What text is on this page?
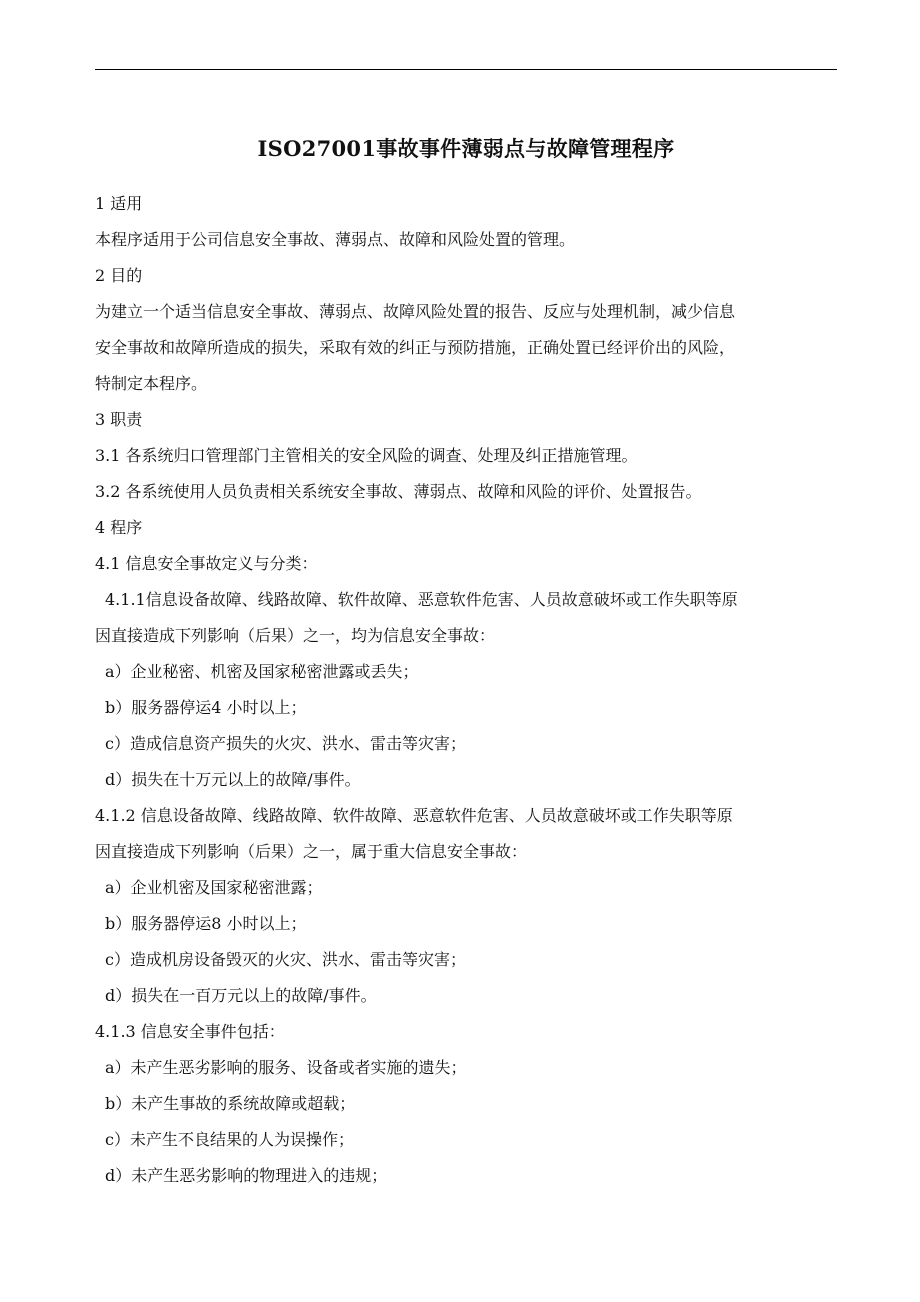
ISO27001事故事件薄弱点与故障管理程序
1 适用
本程序适用于公司信息安全事故、薄弱点、故障和风险处置的管理。
2 目的
为建立一个适当信息安全事故、薄弱点、故障风险处置的报告、反应与处理机制，减少信息
安全事故和故障所造成的损失，采取有效的纠正与预防措施，正确处置已经评价出的风险，
特制定本程序。
3 职责
3.1 各系统归口管理部门主管相关的安全风险的调查、处理及纠正措施管理。
3.2 各系统使用人员负责相关系统安全事故、薄弱点、故障和风险的评价、处置报告。
4 程序
4.1 信息安全事故定义与分类：
4.1.1信息设备故障、线路故障、软件故障、恶意软件危害、人员故意破坏或工作失职等原
因直接造成下列影响（后果）之一，均为信息安全事故：
a）企业秘密、机密及国家秘密泄露或丢失；
b）服务器停运4 小时以上；
c）造成信息资产损失的火灾、洪水、雷击等灾害；
d）损失在十万元以上的故障/事件。
4.1.2 信息设备故障、线路故障、软件故障、恶意软件危害、人员故意破坏或工作失职等原
因直接造成下列影响（后果）之一，属于重大信息安全事故：
a）企业机密及国家秘密泄露；
b）服务器停运8 小时以上；
c）造成机房设备毁灭的火灾、洪水、雷击等灾害；
d）损失在一百万元以上的故障/事件。
4.1.3 信息安全事件包括：
a）未产生恶劣影响的服务、设备或者实施的遗失；
b）未产生事故的系统故障或超载；
c）未产生不良结果的人为误操作；
d）未产生恶劣影响的物理进入的违规；
